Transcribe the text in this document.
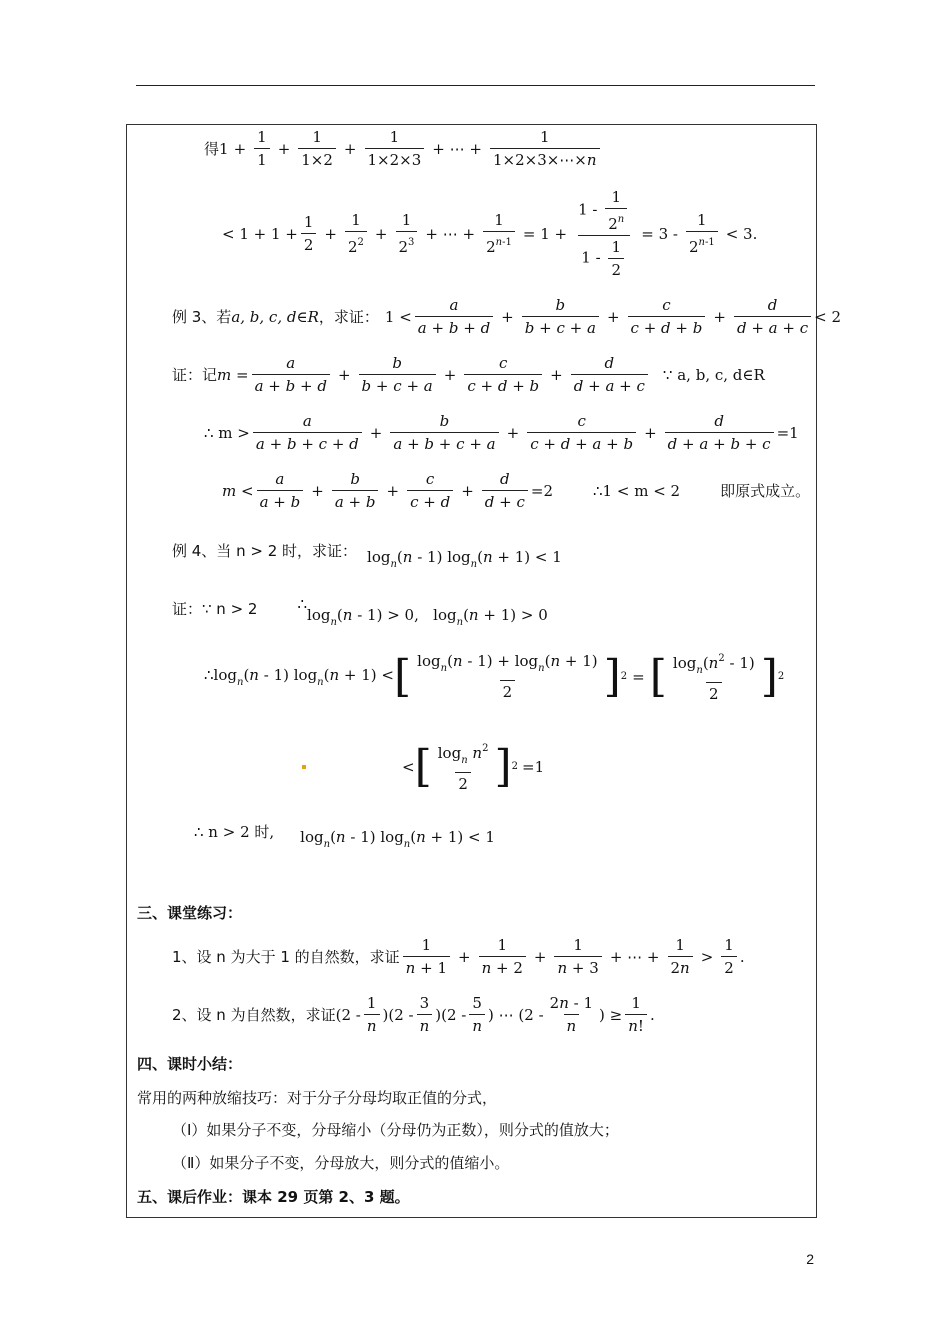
得 $1 + \frac{1}{1} + \frac{1}{1\times 2} + \frac{1}{1\times 2\times 3}$ + ⋯ + $\frac{1}{1\times 2\times 3\times\cdots\times n}$
< $1 + 1 + \frac{1}{2} + \frac{1}{2^2} + \frac{1}{2^3}$ + ⋯ + $\frac{1}{2^{n-1}} = 1 + \frac{1 - \frac{1}{2^n}}{1 - \frac{1}{2}} = 3 - \frac{1}{2^{n-1}} < 3$.
例 3、若 a, b, c, d∈R ，求证： $1 < \frac{a}{a + b + d} + \frac{b}{b + c + a} + \frac{c}{c + d + b} + \frac{d}{d + a + c} < 2$
证：记 $m = \frac{a}{a + b + d} + \frac{b}{b + c + a} + \frac{c}{c + d + b} + \frac{d}{d + a + c}$ ∵ a, b, c, d∈R
∴ $m > \frac{a}{a + b + c + d} + \frac{b}{a + b + c + a} + \frac{c}{c + d + a + b} + \frac{d}{d + a + b + c} =1$
$m < \frac{a}{a + b} + \frac{b}{a + b} + \frac{c}{c + d} + \frac{d}{d + c} =2$	∴1 < m < 2	即原式成立。
例 4、当 n > 2 时，求证： $\log_n(n - 1) \log_n(n + 1) < 1$
证：∵ n > 2	∴
$\log_n(n - 1) > 0$,   $\log_n(n + 1) > 0$
$\therefore\log_n(n - 1) \log_n(n + 1)$ < [ $\frac{\log_n(n - 1) + \log_n(n + 1)}{2}$ ] 2 = [ $\frac{\log_n(n^2 - 1)}{2}$ ] 2
< [ $\frac{\log_n n^2}{2}$ ] 2 =1
∴ n > 2 时, $\log_n(n - 1) \log_n(n + 1) < 1$
三、课堂练习：
1、设 n 为大于 1 的自然数，求证 $\frac{1}{n + 1} + \frac{1}{n + 2} + \frac{1}{n + 3}$ + ⋯ + $\frac{1}{2n} > \frac{1}{2}$ .
2、设 n 为自然数，求证 $(2 - \frac{1}{n} )(2 - \frac{3}{n} )(2 - \frac{5}{n}$ ) ⋯ ($2 - \frac{2n - 1}{n}$ ) ≥ $\frac{1}{n!}$ .
四、课时小结：
常用的两种放缩技巧：对于分子分母均取正值的分式，
（Ⅰ）如果分子不变，分母缩小（分母仍为正数），则分式的值放大；
（Ⅱ）如果分子不变，分母放大，则分式的值缩小。
五、课后作业：课本 29 页第 2、3 题。
2
